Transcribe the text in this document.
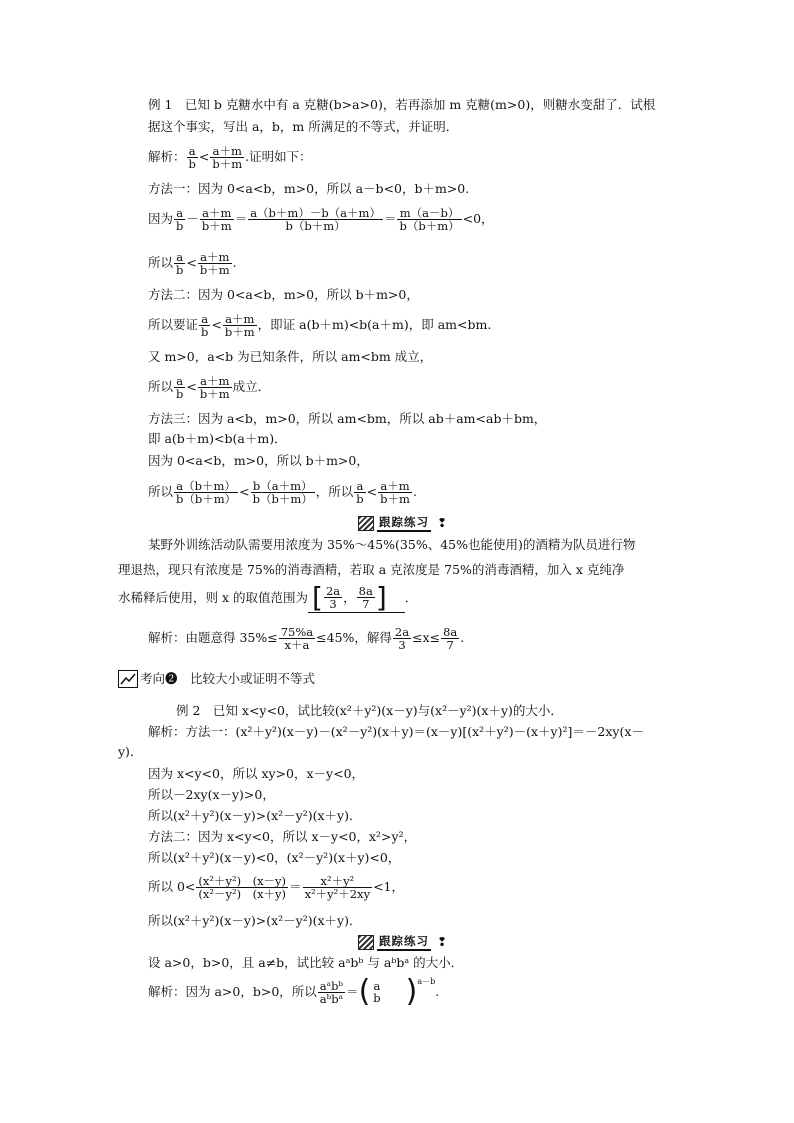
例 1　已知 b 克糖水中有 a 克糖(b>a>0)，若再添加 m 克糖(m>0)，则糖水变甜了．试根
据这个事实，写出 a，b，m 所满足的不等式，并证明．
解析： $\frac{a}{b} < \frac{a+m}{b+m}$ .证明如下：
方法一：因为 0<a<b，m>0，所以 a－b<0，b＋m>0.
因为 $\frac{a}{b} - \frac{a+m}{b+m} = \frac{a(b+m)-b(a+m)}{b(b+m)} = \frac{m(a-b)}{b(b+m)} <0$，
所以 $\frac{a}{b} < \frac{a+m}{b+m}$ .
方法二：因为 0<a<b，m>0，所以 b＋m>0，
所以要证 $\frac{a}{b} < \frac{a+m}{b+m}$ ，即证 a(b＋m)<b(a＋m)，即 am<bm.
又 m>0，a<b 为已知条件，所以 am<bm 成立，
所以 $\frac{a}{b} < \frac{a+m}{b+m}$ 成立．
方法三：因为 a<b，m>0，所以 am<bm，所以 ab＋am<ab＋bm，
即 a(b＋m)<b(a＋m)．
因为 0<a<b，m>0，所以 b＋m>0，
所以 $\frac{a(b+m)}{b(b+m)} < \frac{b(a+m)}{b(b+m)}$ ，所以 $\frac{a}{b} < \frac{a+m}{b+m}$ .
跟踪练习 ❢
某野外训练活动队需要用浓度为 35%～45%(35%、45%也能使用)的酒精为队员进行物
理退热，现只有浓度是 75%的消毒酒精，若取 a 克浓度是 75%的消毒酒精，加入 x 克纯净
水稀释后使用，则 x 的取值范围为 [ $\frac{2a}{3}$ ， $\frac{8a}{7}$ ] ．
解析：由题意得 $35\%\le \frac{75\%a}{x+a} \le 45\%$，解得 $\frac{2a}{3} \le x\le \frac{8a}{7}$ .
考向❷　比较大小或证明不等式
例 2　已知 x<y<0，试比较(x²＋y²)(x－y)与(x²－y²)(x＋y)的大小．
解析：方法一：(x²＋y²)(x－y)－(x²－y²)(x＋y)＝(x－y)[(x²＋y²)－(x＋y)²]＝－2xy(x－
y)．
因为 x<y<0，所以 xy>0，x－y<0，
所以－2xy(x－y)>0，
所以(x²＋y²)(x－y)>(x²－y²)(x＋y)．
方法二：因为 x<y<0，所以 x－y<0，x²>y²，
所以(x²＋y²)(x－y)<0，(x²－y²)(x＋y)<0，
所以 $0< \frac{\text{(x²＋y²)　(x－y)}}{\text{(x²－y²)　(x＋y)}} = \frac{\text{x²＋y²}}{\text{x²＋y²＋2xy}} <1$，
所以(x²＋y²)(x－y)>(x²－y²)(x＋y)．
跟踪练习 ❢
设 a>0，b>0，且 a≠b，试比较 aᵃbᵇ 与 aᵇbᵃ 的大小．
解析：因为 a>0，b>0，所以 $\frac{\text{aᵃbᵇ}}{\text{aᵇbᵃ}}$ ＝ ( a
b ) a－b
.
